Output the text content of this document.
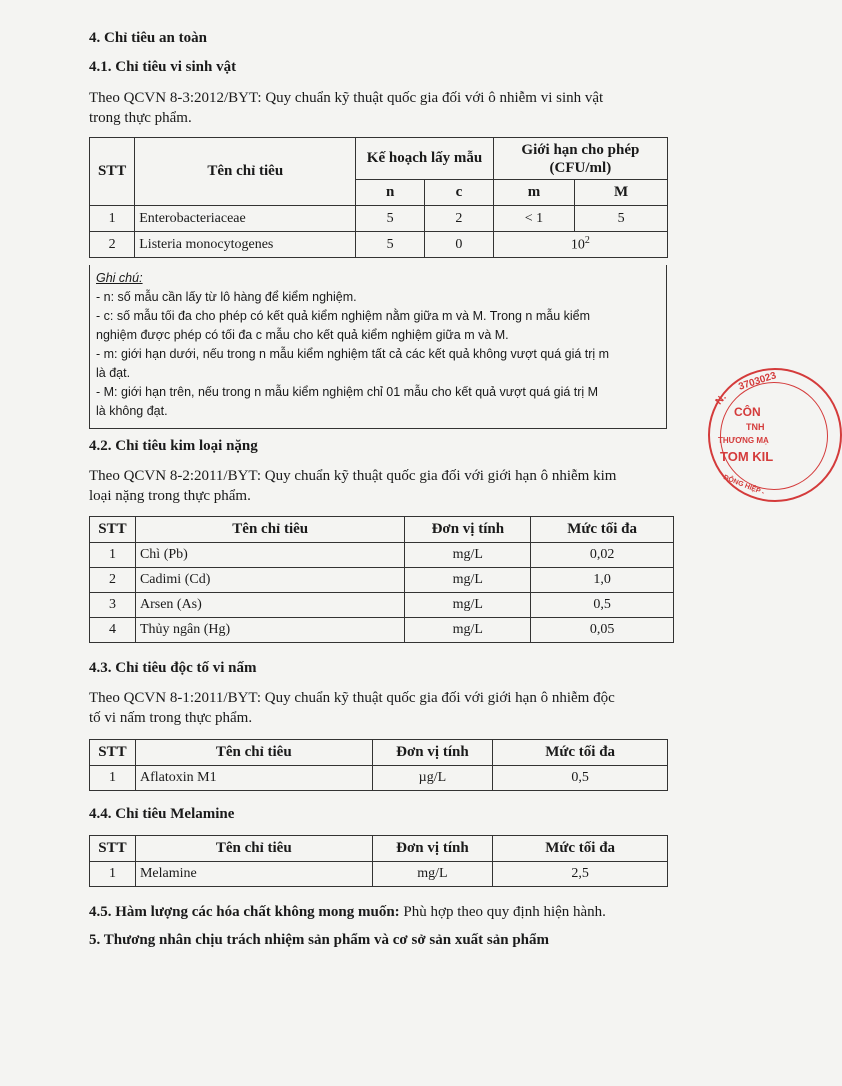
4. Chỉ tiêu an toàn
4.1. Chỉ tiêu vi sinh vật
Theo QCVN 8-3:2012/BYT: Quy chuẩn kỹ thuật quốc gia đối với ô nhiễm vi sinh vật
trong thực phẩm.
STT	Tên chỉ tiêu	Kế hoạch lấy mẫu		Giới hạn cho phép
(CFU/ml)	

		n	c	m	M
1	Enterobacteriaceae	5	2	< 1	5
2	Listeria monocytogenes	5	0	$10^2$
Ghi chú:
- n: số mẫu cần lấy từ lô hàng để kiểm nghiệm.
- c: số mẫu tối đa cho phép có kết quả kiểm nghiệm nằm giữa m và M. Trong n mẫu kiểm
nghiệm được phép có tối đa c mẫu cho kết quả kiểm nghiệm giữa m và M.
- m: giới hạn dưới, nếu trong n mẫu kiểm nghiệm tất cả các kết quả không vượt quá giá trị m
là đạt.
- M: giới hạn trên, nếu trong n mẫu kiểm nghiệm chỉ 01 mẫu cho kết quả vượt quá giá trị M
là không đạt.
4.2. Chỉ tiêu kim loại nặng
Theo QCVN 8-2:2011/BYT: Quy chuẩn kỹ thuật quốc gia đối với giới hạn ô nhiễm kim
loại nặng trong thực phẩm.
STT	Tên chỉ tiêu	Đơn vị tính	Mức tối đa
1	Chì (Pb)	mg/L	0,02
2	Cadimi (Cd)	mg/L	1,0
3	Arsen (As)	mg/L	0,5
4	Thủy ngân (Hg)	mg/L	0,05
4.3. Chỉ tiêu độc tố vi nấm
Theo QCVN 8-1:2011/BYT: Quy chuẩn kỹ thuật quốc gia đối với giới hạn ô nhiễm độc
tố vi nấm trong thực phẩm.
STT	Tên chỉ tiêu	Đơn vị tính	Mức tối đa
1	Aflatoxin M1	µg/L	0,5
4.4. Chỉ tiêu Melamine
STT	Tên chỉ tiêu	Đơn vị tính	Mức tối đa
1	Melamine	mg/L	2,5
4.5. Hàm lượng các hóa chất không mong muốn: Phù hợp theo quy định hiện hành.
5. Thương nhân chịu trách nhiệm sản phẩm và cơ sở sản xuất sản phẩm
3703023
N:
CÔN
TNH
THƯƠNG MẠ
TOM KIL
ĐÔNG HIỆP -
